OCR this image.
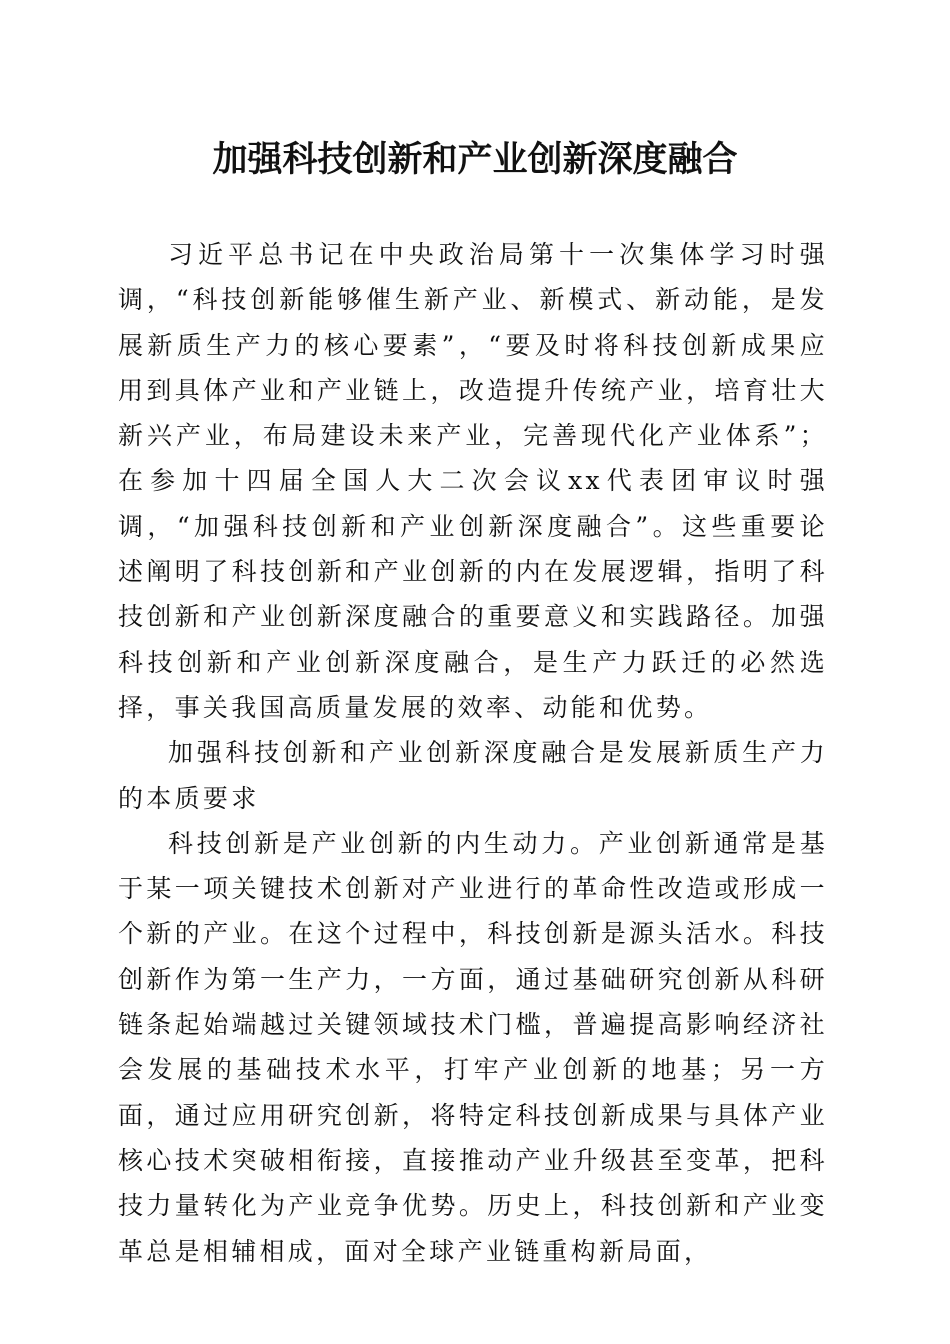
加强科技创新和产业创新深度融合

习近平总书记在中央政治局第十一次集体学习时强调，“科技创新能够催生新产业、新模式、新动能，是发展新质生产力的核心要素”，“要及时将科技创新成果应用到具体产业和产业链上，改造提升传统产业，培育壮大新兴产业，布局建设未来产业，完善现代化产业体系”；在参加十四届全国人大二次会议xx代表团审议时强调，“加强科技创新和产业创新深度融合”。这些重要论述阐明了科技创新和产业创新的内在发展逻辑，指明了科技创新和产业创新深度融合的重要意义和实践路径。加强科技创新和产业创新深度融合，是生产力跃迁的必然选择，事关我国高质量发展的效率、动能和优势。

加强科技创新和产业创新深度融合是发展新质生产力的本质要求

科技创新是产业创新的内生动力。产业创新通常是基于某一项关键技术创新对产业进行的革命性改造或形成一个新的产业。在这个过程中，科技创新是源头活水。科技创新作为第一生产力，一方面，通过基础研究创新从科研链条起始端越过关键领域技术门槛，普遍提高影响经济社会发展的基础技术水平，打牢产业创新的地基；另一方面，通过应用研究创新，将特定科技创新成果与具体产业核心技术突破相衔接，直接推动产业升级甚至变革，把科技力量转化为产业竞争优势。历史上，科技创新和产业变革总是相辅相成，面对全球产业链重构新局面，
